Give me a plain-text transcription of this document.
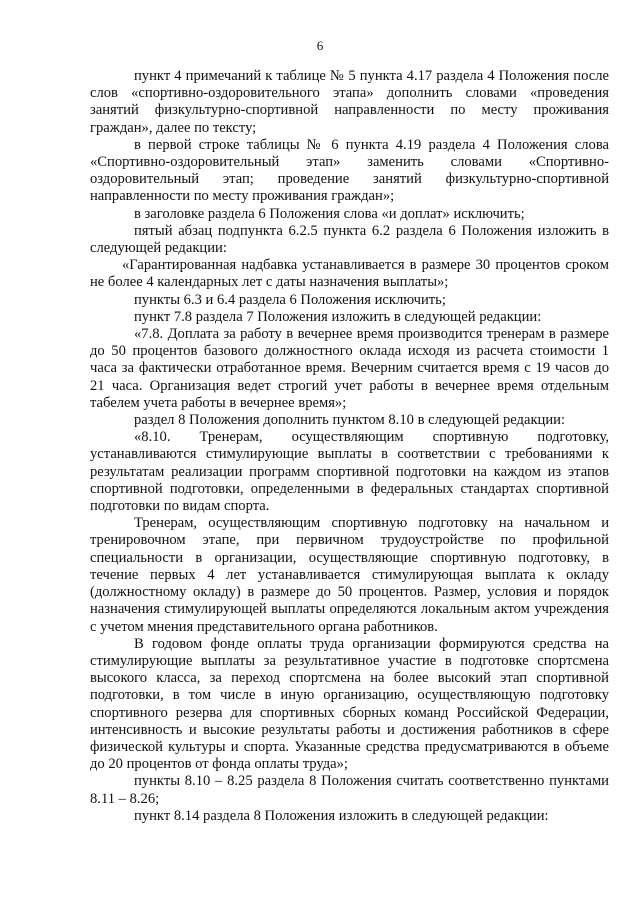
6

пункт 4 примечаний к таблице № 5 пункта 4.17 раздела 4 Положения после слов «спортивно-оздоровительного этапа» дополнить словами «проведения занятий физкультурно-спортивной направленности по месту проживания граждан», далее по тексту;

в первой строке таблицы № 6 пункта 4.19 раздела 4 Положения слова «Спортивно-оздоровительный этап» заменить словами «Спортивно-оздоровительный этап; проведение занятий физкультурно-спортивной направленности по месту проживания граждан»;

в заголовке раздела 6 Положения слова «и доплат» исключить;

пятый абзац подпункта 6.2.5 пункта 6.2 раздела 6 Положения изложить в следующей редакции:

«Гарантированная надбавка устанавливается в размере 30 процентов сроком не более 4 календарных лет с даты назначения выплаты»;

пункты 6.3 и 6.4 раздела 6 Положения исключить;

пункт 7.8 раздела 7 Положения изложить в следующей редакции:

«7.8. Доплата за работу в вечернее время производится тренерам в размере до 50 процентов базового должностного оклада исходя из расчета стоимости 1 часа за фактически отработанное время. Вечерним считается время с 19 часов до 21 часа. Организация ведет строгий учет работы в вечернее время отдельным табелем учета работы в вечернее время»;

раздел 8 Положения дополнить пунктом 8.10 в следующей редакции:

«8.10. Тренерам, осуществляющим спортивную подготовку, устанавливаются стимулирующие выплаты в соответствии с требованиями к результатам реализации программ спортивной подготовки на каждом из этапов спортивной подготовки, определенными в федеральных стандартах спортивной подготовки по видам спорта.

Тренерам, осуществляющим спортивную подготовку на начальном и тренировочном этапе, при первичном трудоустройстве по профильной специальности в организации, осуществляющие спортивную подготовку, в течение первых 4 лет устанавливается стимулирующая выплата к окладу (должностному окладу) в размере до 50 процентов. Размер, условия и порядок назначения стимулирующей выплаты определяются локальным актом учреждения с учетом мнения представительного органа работников.

В годовом фонде оплаты труда организации формируются средства на стимулирующие выплаты за результативное участие в подготовке спортсмена высокого класса, за переход спортсмена на более высокий этап спортивной подготовки, в том числе в иную организацию, осуществляющую подготовку спортивного резерва для спортивных сборных команд Российской Федерации, интенсивность и высокие результаты работы и достижения работников в сфере физической культуры и спорта. Указанные средства предусматриваются в объеме до 20 процентов от фонда оплаты труда»;

пункты 8.10 – 8.25 раздела 8 Положения считать соответственно пунктами 8.11 – 8.26;

пункт 8.14 раздела 8 Положения изложить в следующей редакции:
